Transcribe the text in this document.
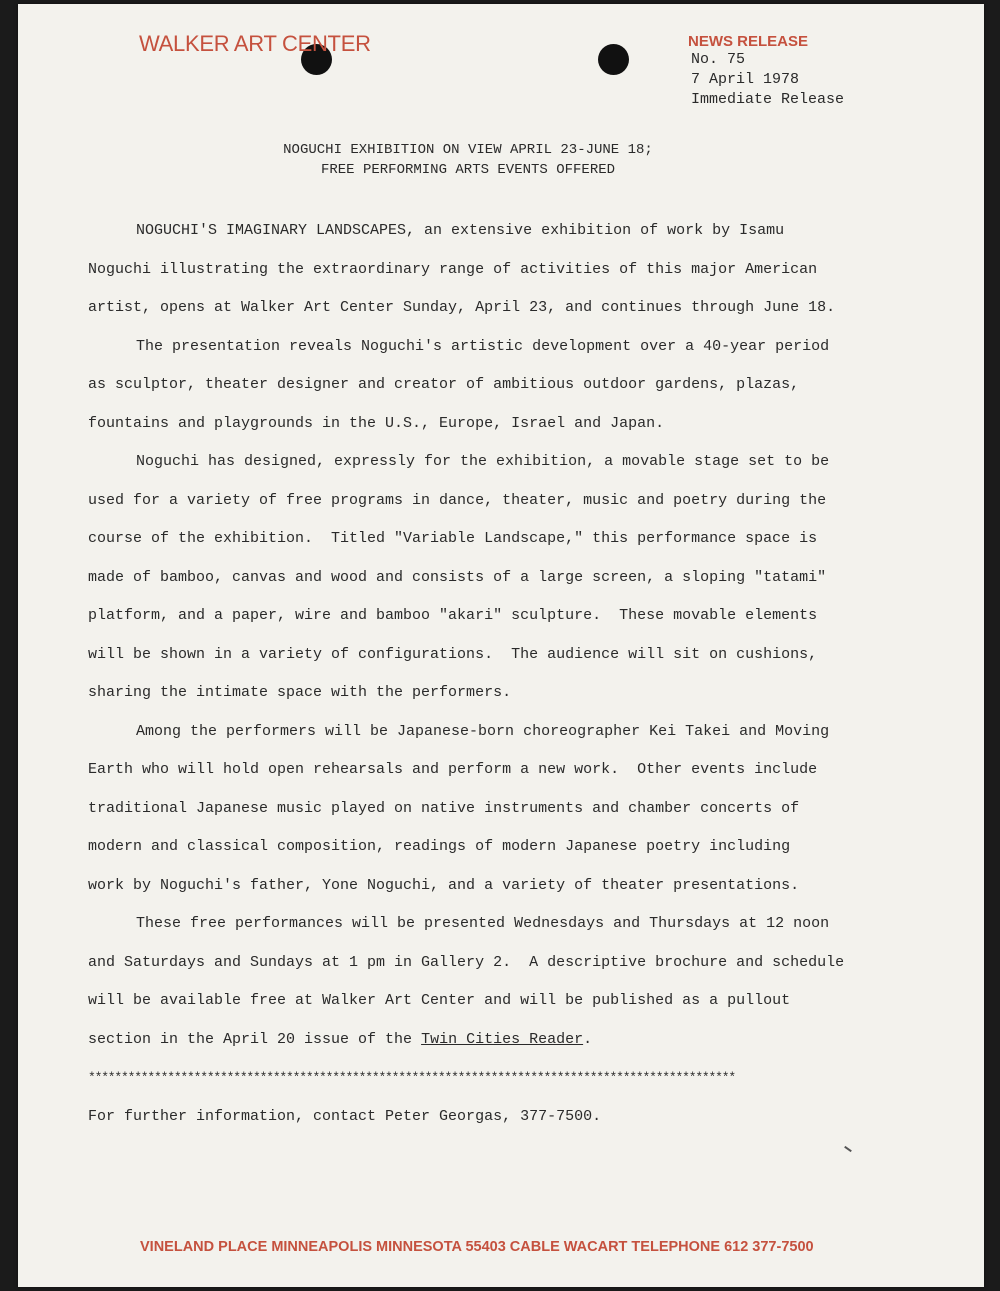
WALKER ART CENTER	NEWS RELEASE
No. 75
7 April 1978
Immediate Release
NOGUCHI EXHIBITION ON VIEW APRIL 23-JUNE 18;
FREE PERFORMING ARTS EVENTS OFFERED
NOGUCHI'S IMAGINARY LANDSCAPES, an extensive exhibition of work by Isamu
Noguchi illustrating the extraordinary range of activities of this major American
artist, opens at Walker Art Center Sunday, April 23, and continues through June 18.
The presentation reveals Noguchi's artistic development over a 40-year period
as sculptor, theater designer and creator of ambitious outdoor gardens, plazas,
fountains and playgrounds in the U.S., Europe, Israel and Japan.
Noguchi has designed, expressly for the exhibition, a movable stage set to be
used for a variety of free programs in dance, theater, music and poetry during the
course of the exhibition.  Titled "Variable Landscape," this performance space is
made of bamboo, canvas and wood and consists of a large screen, a sloping "tatami"
platform, and a paper, wire and bamboo "akari" sculpture.  These movable elements
will be shown in a variety of configurations.  The audience will sit on cushions,
sharing the intimate space with the performers.
Among the performers will be Japanese-born choreographer Kei Takei and Moving
Earth who will hold open rehearsals and perform a new work.  Other events include
traditional Japanese music played on native instruments and chamber concerts of
modern and classical composition, readings of modern Japanese poetry including
work by Noguchi's father, Yone Noguchi, and a variety of theater presentations.
These free performances will be presented Wednesdays and Thursdays at 12 noon
and Saturdays and Sundays at 1 pm in Gallery 2.  A descriptive brochure and schedule
will be available free at Walker Art Center and will be published as a pullout
section in the April 20 issue of the Twin Cities Reader.
**************************************************************************************************
For further information, contact Peter Georgas, 377-7500.
VINELAND PLACE MINNEAPOLIS MINNESOTA 55403 CABLE WACART TELEPHONE 612 377-7500
